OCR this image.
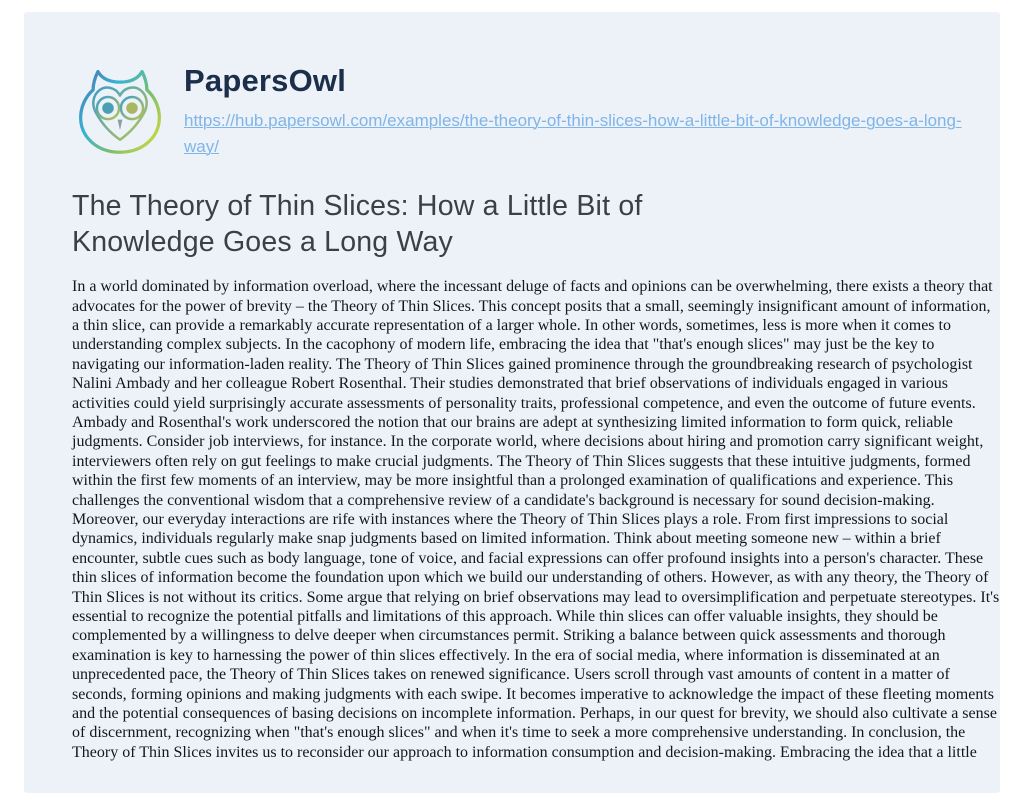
PapersOwl
https://hub.papersowl.com/examples/the-theory-of-thin-slices-how-a-little-bit-of-knowledge-goes-a-long-way/
The Theory of Thin Slices: How a Little Bit of Knowledge Goes a Long Way

In a world dominated by information overload, where the incessant deluge of facts and opinions can be overwhelming, there exists a theory that advocates for the power of brevity – the Theory of Thin Slices. This concept posits that a small, seemingly insignificant amount of information, a thin slice, can provide a remarkably accurate representation of a larger whole. In other words, sometimes, less is more when it comes to understanding complex subjects. In the cacophony of modern life, embracing the idea that "that's enough slices" may just be the key to navigating our information-laden reality. The Theory of Thin Slices gained prominence through the groundbreaking research of psychologist Nalini Ambady and her colleague Robert Rosenthal. Their studies demonstrated that brief observations of individuals engaged in various activities could yield surprisingly accurate assessments of personality traits, professional competence, and even the outcome of future events. Ambady and Rosenthal's work underscored the notion that our brains are adept at synthesizing limited information to form quick, reliable judgments. Consider job interviews, for instance. In the corporate world, where decisions about hiring and promotion carry significant weight, interviewers often rely on gut feelings to make crucial judgments. The Theory of Thin Slices suggests that these intuitive judgments, formed within the first few moments of an interview, may be more insightful than a prolonged examination of qualifications and experience. This challenges the conventional wisdom that a comprehensive review of a candidate's background is necessary for sound decision-making. Moreover, our everyday interactions are rife with instances where the Theory of Thin Slices plays a role. From first impressions to social dynamics, individuals regularly make snap judgments based on limited information. Think about meeting someone new – within a brief encounter, subtle cues such as body language, tone of voice, and facial expressions can offer profound insights into a person's character. These thin slices of information become the foundation upon which we build our understanding of others. However, as with any theory, the Theory of Thin Slices is not without its critics. Some argue that relying on brief observations may lead to oversimplification and perpetuate stereotypes. It's essential to recognize the potential pitfalls and limitations of this approach. While thin slices can offer valuable insights, they should be complemented by a willingness to delve deeper when circumstances permit. Striking a balance between quick assessments and thorough examination is key to harnessing the power of thin slices effectively. In the era of social media, where information is disseminated at an unprecedented pace, the Theory of Thin Slices takes on renewed significance. Users scroll through vast amounts of content in a matter of seconds, forming opinions and making judgments with each swipe. It becomes imperative to acknowledge the impact of these fleeting moments and the potential consequences of basing decisions on incomplete information. Perhaps, in our quest for brevity, we should also cultivate a sense of discernment, recognizing when "that's enough slices" and when it's time to seek a more comprehensive understanding. In conclusion, the Theory of Thin Slices invites us to reconsider our approach to information consumption and decision-making. Embracing the idea that a little
